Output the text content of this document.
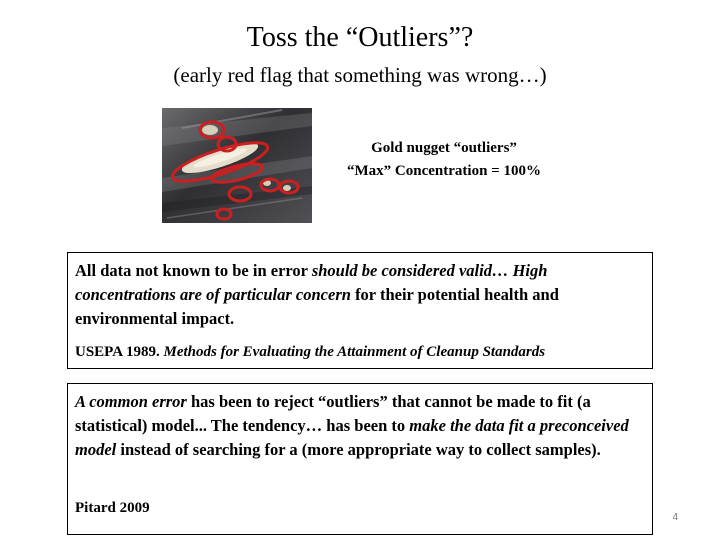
Toss the “Outliers”?
(early red flag that something was wrong…)
Gold nugget “outliers”
“Max” Concentration = 100%
All data not known to be in error should be considered valid… High concentrations are of particular concern for their potential health and environmental impact.
USEPA 1989. Methods for Evaluating the Attainment of Cleanup Standards
A common error has been to reject “outliers” that cannot be made to fit (a statistical) model... The tendency… has been to make the data fit a preconceived model instead of searching for a (more appropriate way to collect samples).
Pitard 2009
4
